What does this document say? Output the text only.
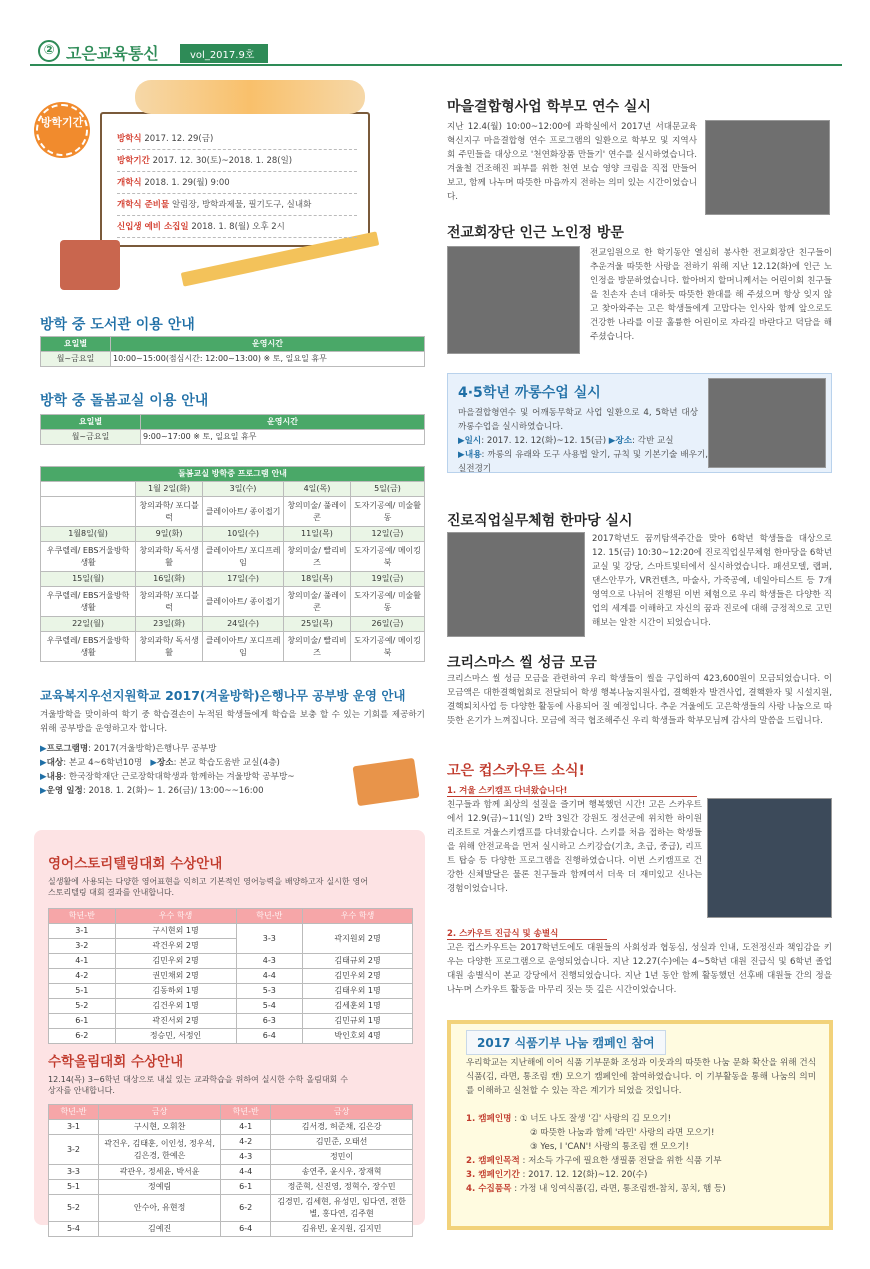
② 고은교육통신	vol_2017.9호
방학기간
방학식 2017. 12. 29(금)
방학기간 2017. 12. 30(토)~2018. 1. 28(일)
개학식 2018. 1. 29(월) 9:00
개학식 준비물 알림장, 방학과제물, 필기도구, 실내화
신입생 예비 소집일 2018. 1. 8(월) 오후 2시
방학 중 도서관 이용 안내
요일별	운영시간
월~금요일	10:00~15:00(점심시간: 12:00~13:00) ※ 토, 일요일 휴무
방학 중 돌봄교실 이용 안내
요일별	운영시간
월~금요일	9:00~17:00 ※ 토, 일요일 휴무
돌봄교실 방학중 프로그램 안내				
	1월 2일(화)	3일(수)	4일(목)	5일(금)
	창의과학/ 포디블럭	클레이아트/ 종이접기	창의미술/ 풀레이콘	도자기공예/ 미술활동
1월8일(월)	9일(화)	10일(수)	11일(목)	12일(금)
우쿠렐레/ EBS거울방학생활	창의과학/ 독서생활	클레이아트/ 포디프레임	창의미술/ 빨리비즈	도자기공예/ 메이킹북
15일(월)	16일(화)	17일(수)	18일(목)	19일(금)
우쿠렐레/ EBS거울방학생활	창의과학/ 포디블럭	클레이아트/ 종이접기	창의미술/ 풀레이콘	도자기공예/ 미술활동
22일(월)	23일(화)	24일(수)	25일(목)	26일(금)
우쿠렐레/ EBS거울방학생활	창의과학/ 독서생활	클레이아트/ 포디프레임	창의미술/ 빨리비즈	도자기공예/ 메이킹북
교육복지우선지원학교 2017(겨울방학)은행나무 공부방 운영 안내
겨울방학을 맞이하여 학기 중 학습결손이 누적된 학생들에게 학습을 보충 할 수 있는 기회를 제공하기 위해 공부방을 운영하고자 합니다.
▶프로그램명: 2017(겨울방학)은행나무 공부방
▶대상: 본교 4~6학년10명 ▶장소: 본교 학습도움반 교실(4층)
▶내용: 한국장학재단 근로장학대학생과 함께하는 겨울방학 공부방~
▶운영 일정: 2018. 1. 2(화)~ 1. 26(금)/ 13:00~~16:00
영어스토리텔링대회 수상안내
실생활에 사용되는 다양한 영어표현을 익히고 기본적인 영어능력을 배양하고자 실시한 영어스토리텔링 대회 결과를 안내합니다.
학년-반	우수 학생	학년-반	우수 학생
3-1	구시현외 1명	3-3	곽지원외 2명
3-2	곽건우외 2명		
4-1	김민우외 2명	4-3	김태규외 2명
4-2	권민채외 2명	4-4	김민우외 2명
5-1	김동하외 1명	5-3	김태우외 1명
5-2	김건우외 1명	5-4	김세훈외 1명
6-1	곽진서외 2명	6-3	김민규외 1명
6-2	정승민, 서정인	6-4	박인호외 4명
수학올림대회 수상안내
12.14(목) 3~6학년 대상으로 내실 있는 교과학습을 위하여 실시한 수학 올림대회 수상자를 안내합니다.
학년-반	금상	학년-반	금상
3-1	구시현, 오휘찬	4-1	김서경, 허준채, 김은강
3-2	곽건우, 김태훈, 이인성, 정우석, 김은경, 한예은	4-2	김민준, 오태선
		4-3	정민이
3-3	곽관우, 정세윤, 박서윤	4-4	송연주, 윤시우, 장재혁
5-1	정예림	6-1	정준혁, 신진영, 정혁수, 장수민
5-2	안수아, 유현정	6-2	김경민, 김세현, 유성민, 임다연, 전한별, 홍다연, 김주현
5-4	김예진	6-4	김유빈, 윤지원, 김지민
마을결합형사업 학부모 연수 실시
지난 12.4(월) 10:00~12:00에 과학실에서 2017년 서대문교육혁신지구 마을결합형 연수 프로그램의 일환으로 학부모 및 지역사회 주민들을 대상으로 '천연화장품 만들기' 연수를 실시하였습니다. 겨울철 건조해진 피부를 위한 천연 보습 영양 크림을 직접 만들어 보고, 함께 나누며 따뜻한 마음까지 전하는 의미 있는 시간이었습니다.
전교회장단 인근 노인정 방문
전교임원으로 한 학기동안 열심히 봉사한 전교회장단 친구들이 추운겨울 따뜻한 사랑을 전하기 위해 지난 12.12(화)에 인근 노인정을 방문하였습니다. 할아버지 할머니께서는 어린이회 친구들을 친손자 손녀 대하듯 따뜻한 환대를 해 주셨으며 항상 잊지 않고 찾아와주는 고은 학생들에게 고맙다는 인사와 함께 앞으로도 건강한 나라를 이끌 훌륭한 어린이로 자라길 바란다고 덕담을 해주셨습니다.
4·5학년 까롱수업 실시
마을결합형연수 및 어깨동무학교 사업 일환으로 4, 5학년 대상 까롱수업을 실시하였습니다.
▶일시: 2017. 12. 12(화)~12. 15(금) ▶장소: 각반 교실
▶내용: 까롱의 유래와 도구 사용법 알기, 규칙 및 기본기술 배우기, 실전경기
진로직업실무체험 한마당 실시
2017학년도 꿈끼탐색주간을 맞아 6학년 학생들을 대상으로 12. 15(금) 10:30~12:20에 진로직업실무체험 한마당을 6학년 교실 및 강당, 스마트빛터에서 실시하였습니다. 패션모델, 랩퍼, 댄스안무가, VR컨텐츠, 마술사, 가죽공예, 네일아티스트 등 7개 영역으로 나뉘어 진행된 이번 체험으로 우리 학생들은 다양한 직업의 세계를 이해하고 자신의 꿈과 진로에 대해 긍정적으로 고민해보는 알찬 시간이 되었습니다.
크리스마스 씰 성금 모금
크리스마스 씰 성금 모금을 관련하여 우리 학생들이 씰을 구입하여 423,600원이 모금되었습니다. 이 모금액은 대한결핵협회로 전달되어 학생 행복나눔지원사업, 결핵환자 발견사업, 결핵환자 및 시설지원, 결핵퇴치사업 등 다양한 활동에 사용되어 질 예정입니다. 추운 겨울에도 고은학생들의 사랑 나눔으로 따뜻한 온기가 느껴집니다. 모금에 적극 협조해주신 우리 학생들과 학부모님께 감사의 말씀을 드립니다.
고은 컵스카우트 소식!
1. 겨울 스키캠프 다녀왔습니다!
친구들과 함께 최상의 설질을 즐기며 행복했던 시간! 고은 스카우트에서 12.9(금)~11(일) 2박 3일간 강원도 정선군에 위치한 하이원리조트로 겨울스키캠프를 다녀왔습니다. 스키를 처음 접하는 학생들을 위해 안전교육을 먼저 실시하고 스키강습(기초, 초급, 중급), 리프트 탑승 등 다양한 프로그램을 진행하였습니다. 이번 스키캠프로 건강한 신체발달은 물론 친구들과 함께여서 더욱 더 재미있고 신나는 경험이었습니다.
2. 스카우트 진급식 및 송별식
고은 컵스카우트는 2017학년도에도 대원들의 사회성과 협동심, 성실과 인내, 도전정신과 책임감을 키우는 다양한 프로그램으로 운영되었습니다. 지난 12.27(수)에는 4~5학년 대원 진급식 및 6학년 졸업대원 송별식이 본교 강당에서 진행되었습니다. 지난 1년 동안 함께 활동했던 선후배 대원들 간의 정을 나누며 스카우트 활동을 마무리 짓는 뜻 깊은 시간이었습니다.
2017 식품기부 나눔 캠페인 참여
우리학교는 지난해에 이어 식품 기부문화 조성과 이웃과의 따뜻한 나눔 문화 확산을 위해 건식 식품(김, 라면, 통조림 캔) 모으기 캠페인에 참여하였습니다. 이 기부활동을 통해 나눔의 의미를 이해하고 실천할 수 있는 작은 계기가 되었을 것입니다.
1. 캠페인명 : ① 너도 나도 잘생 '김' 사랑의 김 모으기!
② 따뜻한 나눔과 함께 '라민' 사랑의 라면 모으기!
③ Yes, I 'CAN'! 사랑의 통조림 캔 모으기!
2. 캠페인목적 : 저소득 가구에 필요한 생필품 전달을 위한 식품 기부
3. 캠페인기간 : 2017. 12. 12(화)~12. 20(수)
4. 수집품목 : 가정 내 잉여식품(김, 라면, 통조림캔-참치, 꽁치, 햄 등)
